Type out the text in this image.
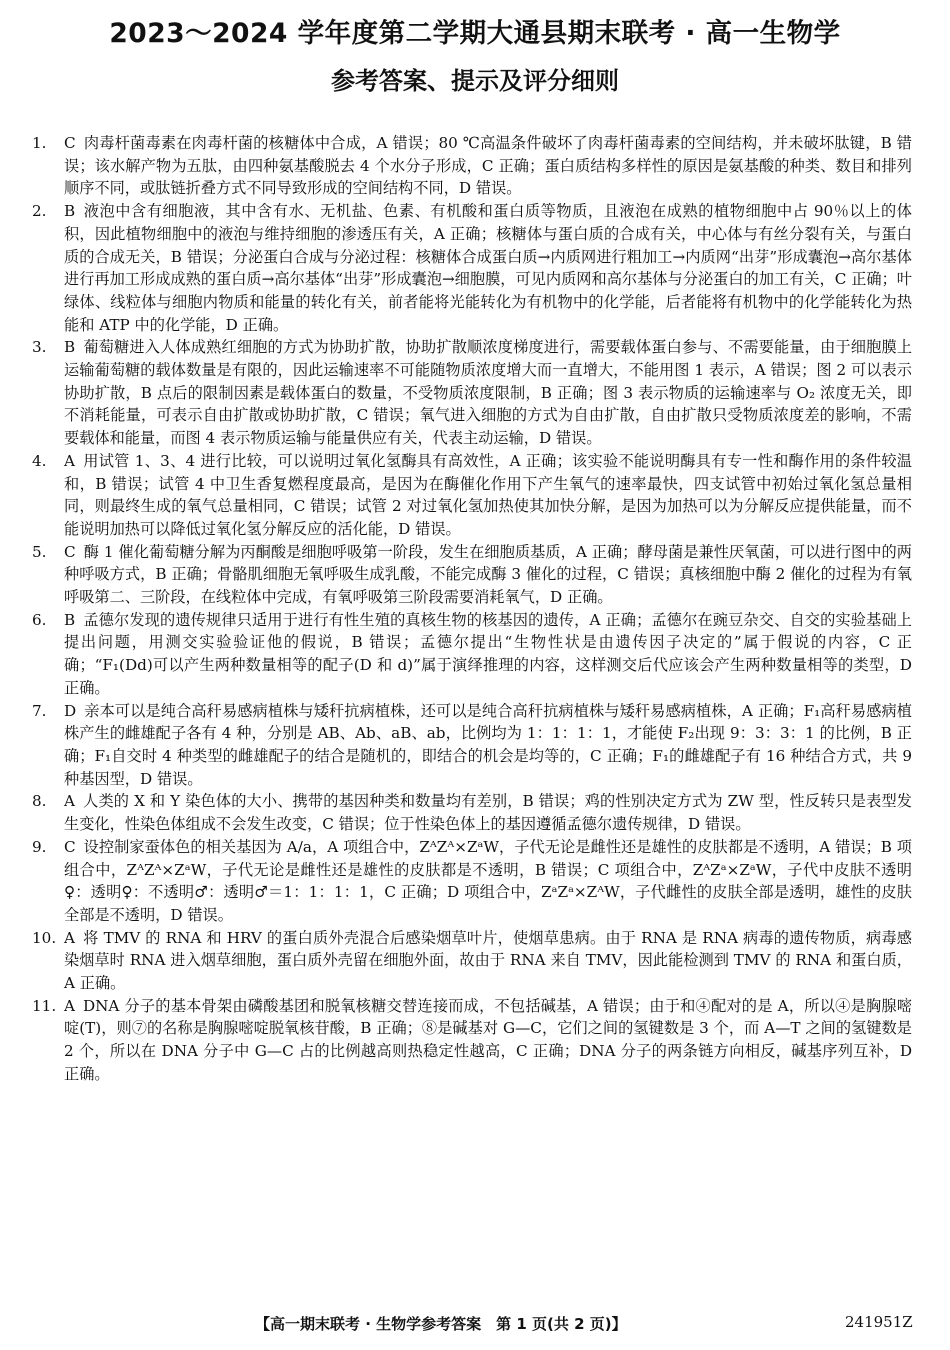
2023～2024 学年度第二学期大通县期末联考 · 高一生物学
参考答案、提示及评分细则
1. C 肉毒杆菌毒素在肉毒杆菌的核糖体中合成，A 错误；80 ℃高温条件破坏了肉毒杆菌毒素的空间结构，并未破坏肽键，B 错误；该水解产物为五肽，由四种氨基酸脱去 4 个水分子形成，C 正确；蛋白质结构多样性的原因是氨基酸的种类、数目和排列顺序不同，或肽链折叠方式不同导致形成的空间结构不同，D 错误。
2. B 液泡中含有细胞液，其中含有水、无机盐、色素、有机酸和蛋白质等物质，且液泡在成熟的植物细胞中占 90％以上的体积，因此植物细胞中的液泡与维持细胞的渗透压有关，A 正确；核糖体与蛋白质的合成有关，中心体与有丝分裂有关，与蛋白质的合成无关，B 错误；分泌蛋白合成与分泌过程：核糖体合成蛋白质→内质网进行粗加工→内质网“出芽”形成囊泡→高尔基体进行再加工形成成熟的蛋白质→高尔基体“出芽”形成囊泡→细胞膜，可见内质网和高尔基体与分泌蛋白的加工有关，C 正确；叶绿体、线粒体与细胞内物质和能量的转化有关，前者能将光能转化为有机物中的化学能，后者能将有机物中的化学能转化为热能和 ATP 中的化学能，D 正确。
3. B 葡萄糖进入人体成熟红细胞的方式为协助扩散，协助扩散顺浓度梯度进行，需要载体蛋白参与、不需要能量，由于细胞膜上运输葡萄糖的载体数量是有限的，因此运输速率不可能随物质浓度增大而一直增大，不能用图 1 表示，A 错误；图 2 可以表示协助扩散，B 点后的限制因素是载体蛋白的数量，不受物质浓度限制，B 正确；图 3 表示物质的运输速率与 O₂ 浓度无关，即不消耗能量，可表示自由扩散或协助扩散，C 错误；氧气进入细胞的方式为自由扩散，自由扩散只受物质浓度差的影响，不需要载体和能量，而图 4 表示物质运输与能量供应有关，代表主动运输，D 错误。
4. A 用试管 1、3、4 进行比较，可以说明过氧化氢酶具有高效性，A 正确；该实验不能说明酶具有专一性和酶作用的条件较温和，B 错误；试管 4 中卫生香复燃程度最高，是因为在酶催化作用下产生氧气的速率最快，四支试管中初始过氧化氢总量相同，则最终生成的氧气总量相同，C 错误；试管 2 对过氧化氢加热使其加快分解，是因为加热可以为分解反应提供能量，而不能说明加热可以降低过氧化氢分解反应的活化能，D 错误。
5. C 酶 1 催化葡萄糖分解为丙酮酸是细胞呼吸第一阶段，发生在细胞质基质，A 正确；酵母菌是兼性厌氧菌，可以进行图中的两种呼吸方式，B 正确；骨骼肌细胞无氧呼吸生成乳酸，不能完成酶 3 催化的过程，C 错误；真核细胞中酶 2 催化的过程为有氧呼吸第二、三阶段，在线粒体中完成，有氧呼吸第三阶段需要消耗氧气，D 正确。
6. B 孟德尔发现的遗传规律只适用于进行有性生殖的真核生物的核基因的遗传，A 正确；孟德尔在豌豆杂交、自交的实验基础上提出问题，用测交实验验证他的假说，B 错误；孟德尔提出“生物性状是由遗传因子决定的”属于假说的内容，C 正确；“F₁(Dd)可以产生两种数量相等的配子(D 和 d)”属于演绎推理的内容，这样测交后代应该会产生两种数量相等的类型，D 正确。
7. D 亲本可以是纯合高秆易感病植株与矮秆抗病植株，还可以是纯合高秆抗病植株与矮秆易感病植株，A 正确；F₁高秆易感病植株产生的雌雄配子各有 4 种，分别是 AB、Ab、aB、ab，比例均为 1：1：1：1，才能使 F₂出现 9：3：3：1 的比例，B 正确；F₁自交时 4 种类型的雌雄配子的结合是随机的，即结合的机会是均等的，C 正确；F₁的雌雄配子有 16 种结合方式，共 9 种基因型，D 错误。
8. A 人类的 X 和 Y 染色体的大小、携带的基因种类和数量均有差别，B 错误；鸡的性别决定方式为 ZW 型，性反转只是表型发生变化，性染色体组成不会发生改变，C 错误；位于性染色体上的基因遵循孟德尔遗传规律，D 错误。
9. C 设控制家蚕体色的相关基因为 A/a，A 项组合中，ZᴬZᴬ×ZᵃW，子代无论是雌性还是雄性的皮肤都是不透明，A 错误；B 项组合中，ZᴬZᴬ×ZᵃW，子代无论是雌性还是雄性的皮肤都是不透明，B 错误；C 项组合中，ZᴬZᵃ×ZᵃW，子代中皮肤不透明♀：透明♀：不透明♂：透明♂＝1：1：1：1，C 正确；D 项组合中，ZᵃZᵃ×ZᴬW，子代雌性的皮肤全部是透明，雄性的皮肤全部是不透明，D 错误。
10. A 将 TMV 的 RNA 和 HRV 的蛋白质外壳混合后感染烟草叶片，使烟草患病。由于 RNA 是 RNA 病毒的遗传物质，病毒感染烟草时 RNA 进入烟草细胞，蛋白质外壳留在细胞外面，故由于 RNA 来自 TMV，因此能检测到 TMV 的 RNA 和蛋白质，A 正确。
11. A DNA 分子的基本骨架由磷酸基团和脱氧核糖交替连接而成，不包括碱基，A 错误；由于和④配对的是 A，所以④是胸腺嘧啶(T)，则⑦的名称是胸腺嘧啶脱氧核苷酸，B 正确；⑧是碱基对 G—C，它们之间的氢键数是 3 个，而 A—T 之间的氢键数是 2 个，所以在 DNA 分子中 G—C 占的比例越高则热稳定性越高，C 正确；DNA 分子的两条链方向相反，碱基序列互补，D 正确。
【高一期末联考 · 生物学参考答案　第 1 页(共 2 页)】	241951Z
